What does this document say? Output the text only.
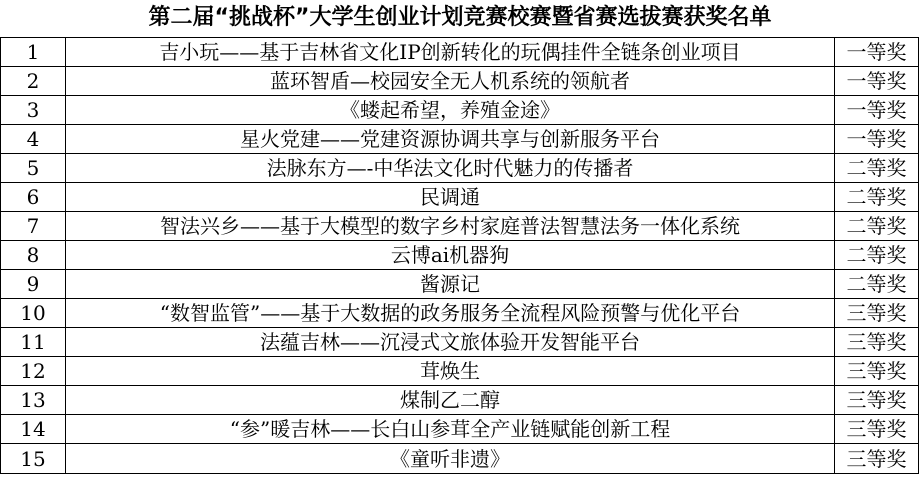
第二届“挑战杯”大学生创业计划竞赛校赛暨省赛选拔赛获奖名单
1	吉小玩——基于吉林省文化IP创新转化的玩偶挂件全链条创业项目	一等奖
2	蓝环智盾—校园安全无人机系统的领航者	一等奖
3	《蝼起希望，养殖金途》	一等奖
4	星火党建——党建资源协调共享与创新服务平台	一等奖
5	法脉东方—-中华法文化时代魅力的传播者	二等奖
6	民调通	二等奖
7	智法兴乡——基于大模型的数字乡村家庭普法智慧法务一体化系统	二等奖
8	云博ai机器狗	二等奖
9	酱源记	二等奖
10	“数智监管”——基于大数据的政务服务全流程风险预警与优化平台	三等奖
11	法蕴吉林——沉浸式文旅体验开发智能平台	三等奖
12	茸焕生	三等奖
13	煤制乙二醇	三等奖
14	“参”暖吉林——长白山参茸全产业链赋能创新工程	三等奖
15	《童听非遗》	三等奖
